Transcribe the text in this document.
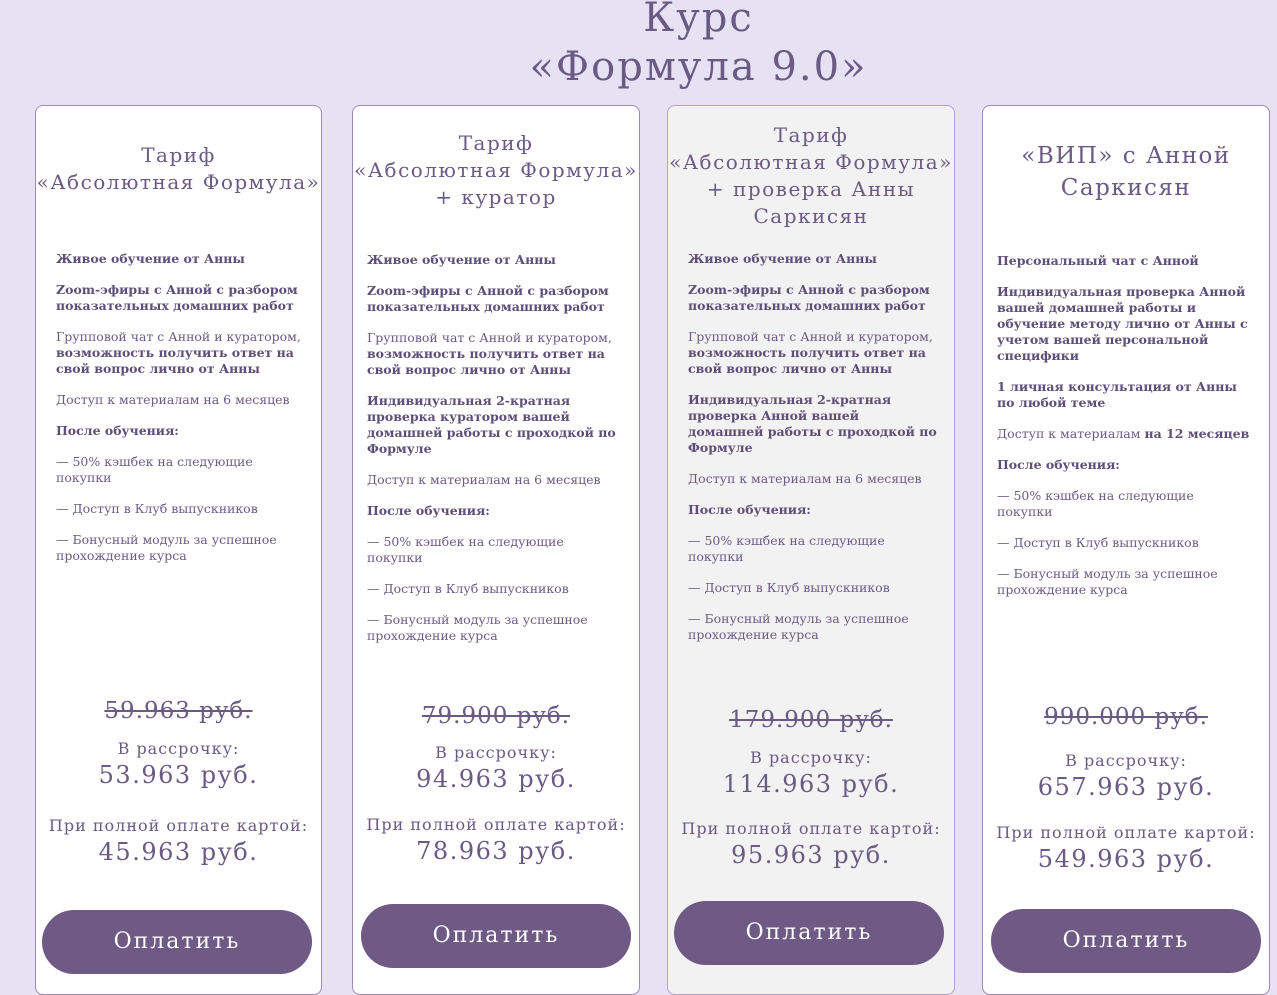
Курс
«Формула 9.0»
Тариф
«Абсолютная Формула»
Живое обучение от Анны
Zoom-эфиры с Анной с разбором показательных домашних работ
Групповой чат с Анной и куратором, возможность получить ответ на свой вопрос лично от Анны
Доступ к материалам на 6 месяцев
После обучения:
— 50% кэшбек на следующие покупки
— Доступ в Клуб выпускников
— Бонусный модуль за успешное прохождение курса
59.963 руб.
В рассрочку:
53.963 руб.
При полной оплате картой:
45.963 руб.
Оплатить
Тариф
«Абсолютная Формула»
+ куратор
Живое обучение от Анны
Zoom-эфиры с Анной с разбором показательных домашних работ
Групповой чат с Анной и куратором, возможность получить ответ на свой вопрос лично от Анны
Индивидуальная 2-кратная проверка куратором вашей домашней работы с проходкой по Формуле
Доступ к материалам на 6 месяцев
После обучения:
— 50% кэшбек на следующие покупки
— Доступ в Клуб выпускников
— Бонусный модуль за успешное прохождение курса
79.900 руб.
В рассрочку:
94.963 руб.
При полной оплате картой:
78.963 руб.
Оплатить
Тариф
«Абсолютная Формула»
+ проверка Анны
Саркисян
Живое обучение от Анны
Zoom-эфиры с Анной с разбором показательных домашних работ
Групповой чат с Анной и куратором, возможность получить ответ на свой вопрос лично от Анны
Индивидуальная 2-кратная проверка Анной вашей домашней работы с проходкой по Формуле
Доступ к материалам на 6 месяцев
После обучения:
— 50% кэшбек на следующие покупки
— Доступ в Клуб выпускников
— Бонусный модуль за успешное прохождение курса
179.900 руб.
В рассрочку:
114.963 руб.
При полной оплате картой:
95.963 руб.
Оплатить
«ВИП» с Анной
Саркисян
Персональный чат с Анной
Индивидуальная проверка Анной вашей домашней работы и обучение методу лично от Анны с учетом вашей персональной специфики
1 личная консультация от Анны по любой теме
Доступ к материалам на 12 месяцев
После обучения:
— 50% кэшбек на следующие покупки
— Доступ в Клуб выпускников
— Бонусный модуль за успешное прохождение курса
990.000 руб.
В рассрочку:
657.963 руб.
При полной оплате картой:
549.963 руб.
Оплатить
